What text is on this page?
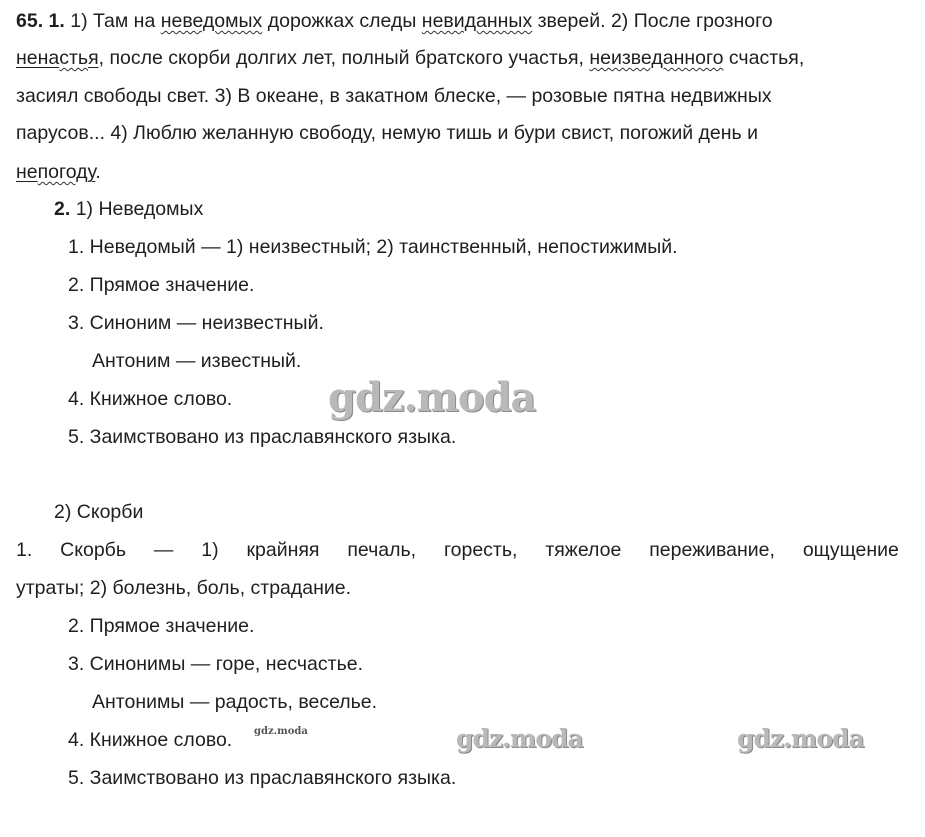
65. 1. 1) Там на неведомых дорожках следы невиданных зверей. 2) После грозного
ненастья, после скорби долгих лет, полный братского участья, неизведанного счастья,
засиял свободы свет. 3) В океане, в закатном блеске, — розовые пятна недвижных
парусов... 4) Люблю желанную свободу, немую тишь и бури свист, погожий день и
непогоду.
2. 1) Неведомых
1. Неведомый — 1) неизвестный; 2) таинственный, непостижимый.
2. Прямое значение.
3. Синоним — неизвестный.
Антоним — известный.
4. Книжное слово.
5. Заимствовано из праславянского языка.
2) Скорби
1. Скорбь — 1) крайняя печаль, горесть, тяжелое переживание, ощущение
утраты; 2) болезнь, боль, страдание.
2. Прямое значение.
3. Синонимы — горе, несчастье.
Антонимы — радость, веселье.
4. Книжное слово.
5. Заимствовано из праславянского языка.
gdz.moda
gdz.moda	gdz.moda
gdz.moda
